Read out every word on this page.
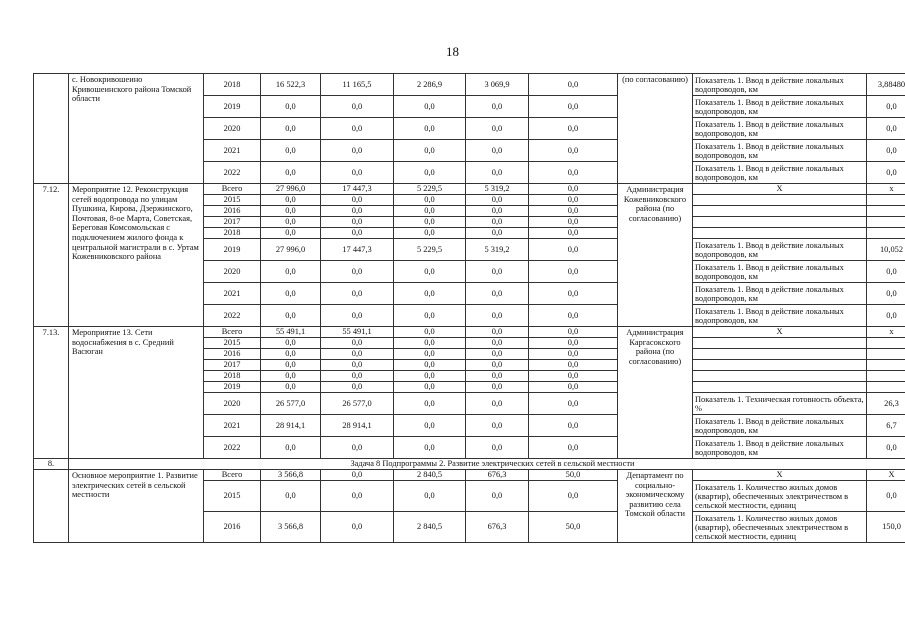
18
	с. Новокривошеино Кривошеинского района Томской области	2018	16 522,3	11 165,5	2 286,9	3 069,9	0,0	(по согласованию)	Показатель 1. Ввод в действие локальных водопроводов, км	3,88480
		2019	0,0	0,0	0,0	0,0	0,0		Показатель 1. Ввод в действие локальных водопроводов, км	0,0
		2020	0,0	0,0	0,0	0,0	0,0		Показатель 1. Ввод в действие локальных водопроводов, км	0,0
		2021	0,0	0,0	0,0	0,0	0,0		Показатель 1. Ввод в действие локальных водопроводов, км	0,0
		2022	0,0	0,0	0,0	0,0	0,0		Показатель 1. Ввод в действие локальных водопроводов, км	0,0
7.12.	Мероприятие 12. Реконструкция сетей водопровода по улицам Пушкина, Кирова, Дзержинского, Почтовая, 8-ое Марта, Советская, Береговая Комсомольская с подключением жилого фонда к центральной магистрали в с. Уртам Кожевниковского района	Всего	27 996,0	17 447,3	5 229,5	5 319,2	0,0	Администрация Кожевниковского района (по согласованию)	Х	х
		2015	0,0	0,0	0,0	0,0	0,0			
		2016	0,0	0,0	0,0	0,0	0,0			
		2017	0,0	0,0	0,0	0,0	0,0			
		2018	0,0	0,0	0,0	0,0	0,0			
		2019	27 996,0	17 447,3	5 229,5	5 319,2	0,0		Показатель 1. Ввод в действие локальных водопроводов, км	10,052
		2020	0,0	0,0	0,0	0,0	0,0		Показатель 1. Ввод в действие локальных водопроводов, км	0,0
		2021	0,0	0,0	0,0	0,0	0,0		Показатель 1. Ввод в действие локальных водопроводов, км	0,0
		2022	0,0	0,0	0,0	0,0	0,0		Показатель 1. Ввод в действие локальных водопроводов, км	0,0
7.13.	Мероприятие 13. Сети водоснабжения в с. Средний Васюган	Всего	55 491,1	55 491,1	0,0	0,0	0,0	Администрация Каргасокского района (по согласованию)	Х	х
		2015	0,0	0,0	0,0	0,0	0,0			
		2016	0,0	0,0	0,0	0,0	0,0			
		2017	0,0	0,0	0,0	0,0	0,0			
		2018	0,0	0,0	0,0	0,0	0,0			
		2019	0,0	0,0	0,0	0,0	0,0			
		2020	26 577,0	26 577,0	0,0	0,0	0,0		Показатель 1. Техническая готовность объекта, %	26,3
		2021	28 914,1	28 914,1	0,0	0,0	0,0		Показатель 1. Ввод в действие локальных водопроводов, км	6,7
		2022	0,0	0,0	0,0	0,0	0,0		Показатель 1. Ввод в действие локальных водопроводов, км	0,0
8.	Задача 8 Подпрограммы 2. Развитие электрических сетей в сельской местности									
	Основное мероприятие 1. Развитие электрических сетей в сельской местности	Всего	3 566,8	0,0	2 840,5	676,3	50,0	Департамент по социально-экономическому развитию села Томской области	Х	Х
		2015	0,0	0,0	0,0	0,0	0,0		Показатель 1. Количество жилых домов (квартир), обеспеченных электричеством в сельской местности, единиц	0,0
		2016	3 566,8	0,0	2 840,5	676,3	50,0		Показатель 1. Количество жилых домов (квартир), обеспеченных электричеством в сельской местности, единиц	150,0
